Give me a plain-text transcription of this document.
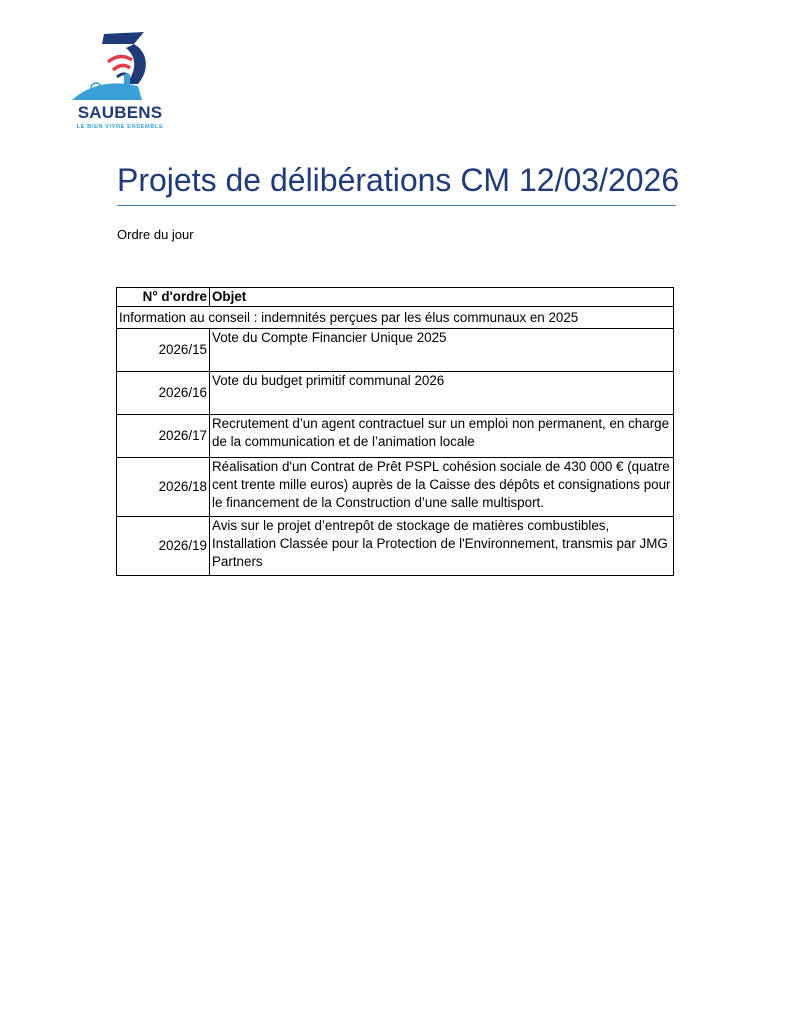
SAUBENS
LE BIEN VIVRE ENSEMBLE
Projets de délibérations CM 12/03/2026
Ordre du jour
N° d'ordre	Objet
Information au conseil : indemnités perçues par les élus communaux en 2025	
2026/15	Vote du Compte Financier Unique 2025
2026/16	Vote du budget primitif communal 2026
2026/17	Recrutement d’un agent contractuel sur un emploi non permanent, en charge de la communication et de l’animation locale
2026/18	Réalisation d'un Contrat de Prêt PSPL cohésion sociale de 430 000 € (quatre cent trente mille euros) auprès de la Caisse des dépôts et consignations pour le financement de la Construction d’une salle multisport.
2026/19	Avis sur le projet d’entrepôt de stockage de matières combustibles, Installation Classée pour la Protection de l'Environnement, transmis par JMG Partners
